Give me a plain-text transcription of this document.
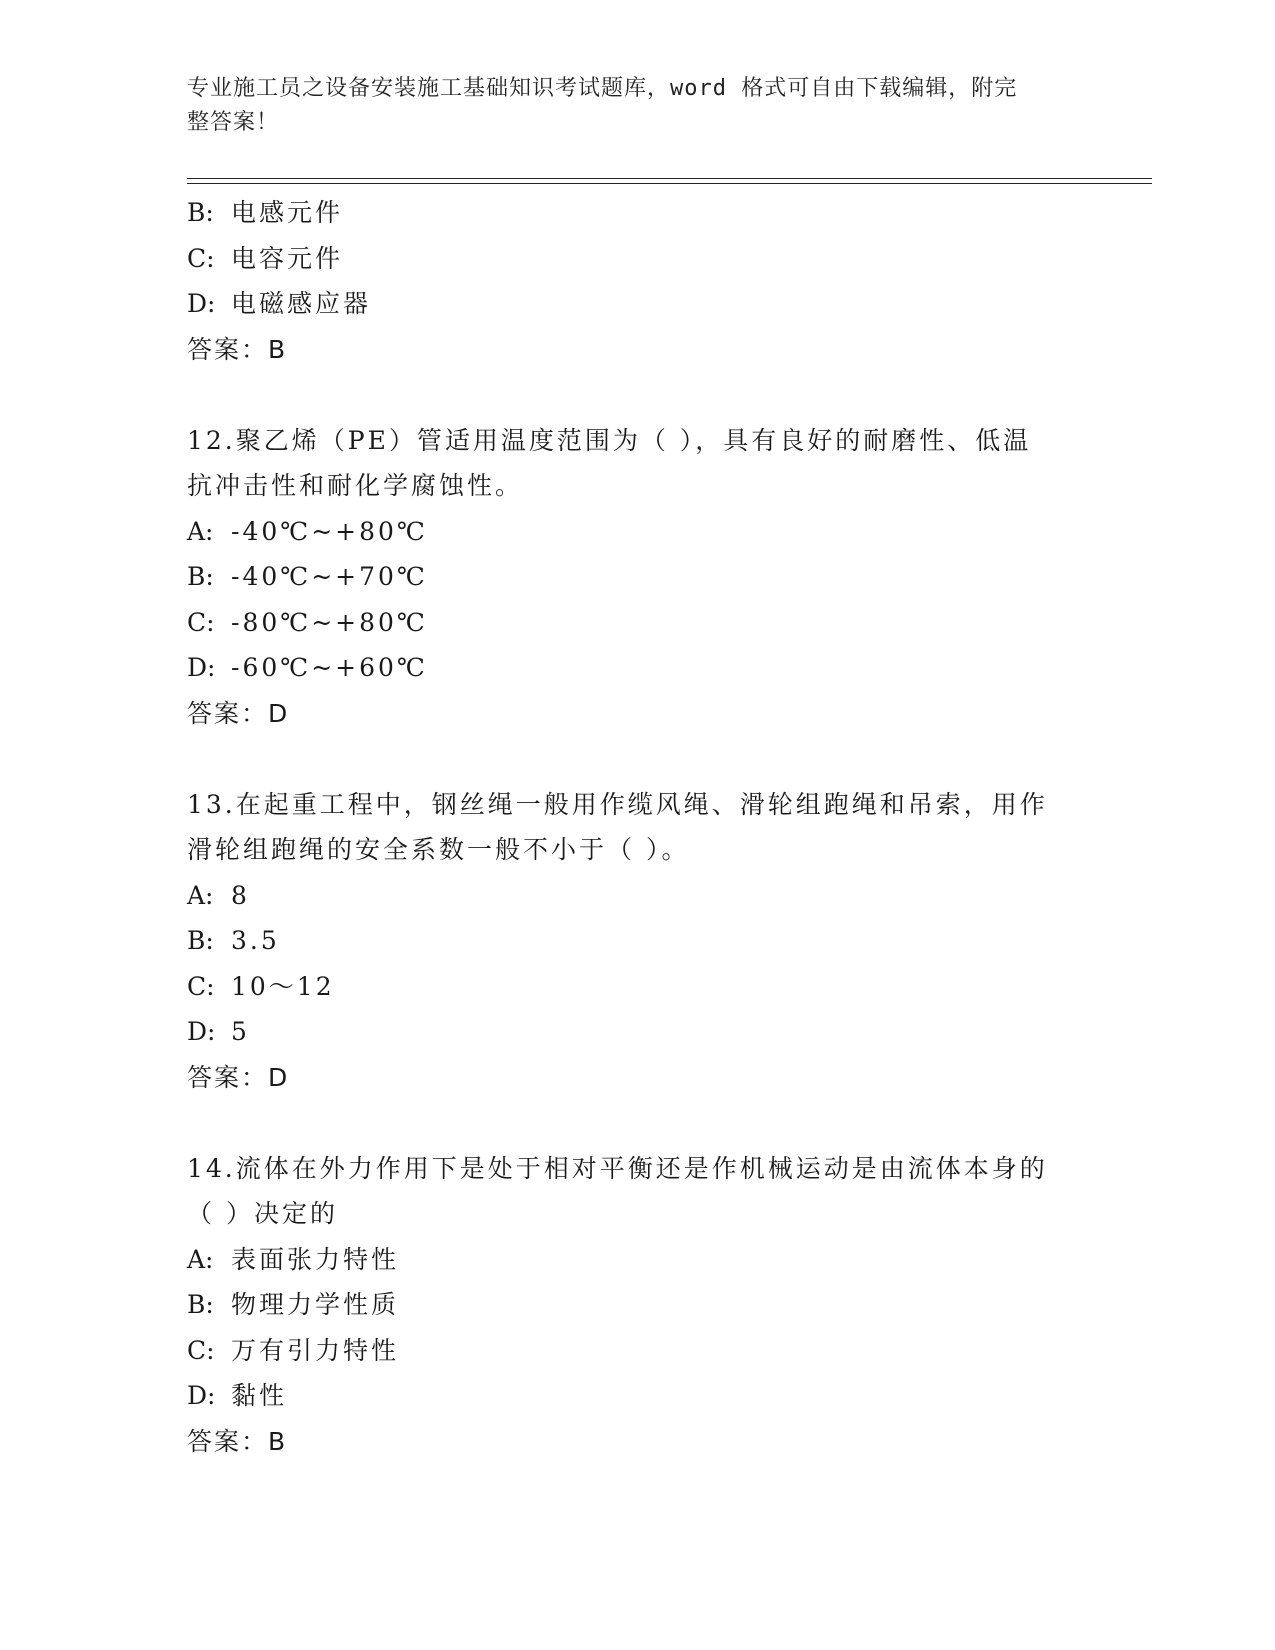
专业施工员之设备安装施工基础知识考试题库，word 格式可自由下载编辑，附完
整答案！
B: 电感元件
C: 电容元件
D: 电磁感应器
答案：B
12.聚乙烯（PE）管适用温度范围为（ ），具有良好的耐磨性、低温
抗冲击性和耐化学腐蚀性。
A: -40℃~+80℃
B: -40℃~+70℃
C: -80℃~+80℃
D: -60℃~+60℃
答案：D
13.在起重工程中，钢丝绳一般用作缆风绳、滑轮组跑绳和吊索，用作
滑轮组跑绳的安全系数一般不小于（ ）。
A: 8
B: 3.5
C: 10～12
D: 5
答案：D
14.流体在外力作用下是处于相对平衡还是作机械运动是由流体本身的
（ ）决定的
A: 表面张力特性
B: 物理力学性质
C: 万有引力特性
D: 黏性
答案：B
